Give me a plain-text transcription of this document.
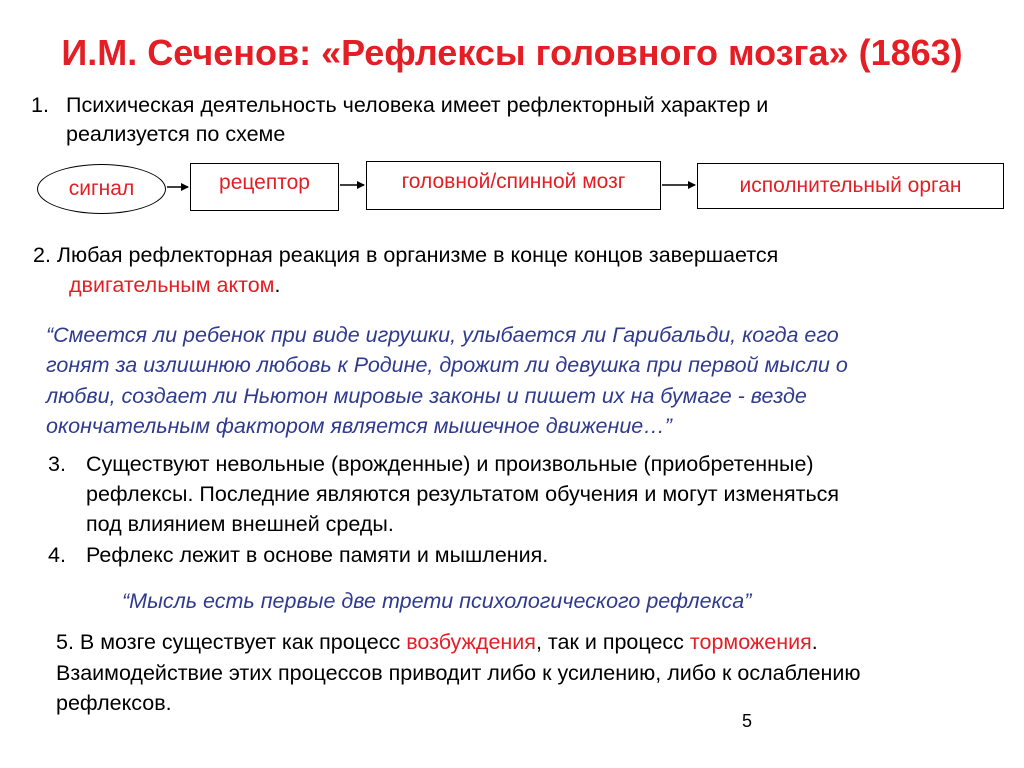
И.М. Сеченов: «Рефлексы головного мозга» (1863)
1. Психическая деятельность человека имеет рефлекторный характер и
реализуется по схеме
сигнал	рецептор	головной/спинной мозг	исполнительный орган
2. Любая рефлекторная реакция в организме в конце концов завершается
двигательным актом.
“Смеется ли ребенок при виде игрушки, улыбается ли Гарибальди, когда его
гонят за излишнюю любовь к Родине, дрожит ли девушка при первой мысли о
любви, создает ли Ньютон мировые законы и пишет их на бумаге - везде
окончательным фактором является мышечное движение…”
3. Существуют невольные (врожденные) и произвольные (приобретенные)
рефлексы. Последние являются результатом обучения и могут изменяться
под влиянием внешней среды.
4. Рефлекс лежит в основе памяти и мышления.
“Мысль есть первые две трети психологического рефлекса”
5. В мозге существует как процесс возбуждения, так и процесс торможения.
Взаимодействие этих процессов приводит либо к усилению, либо к ослаблению
рефлексов.
5
